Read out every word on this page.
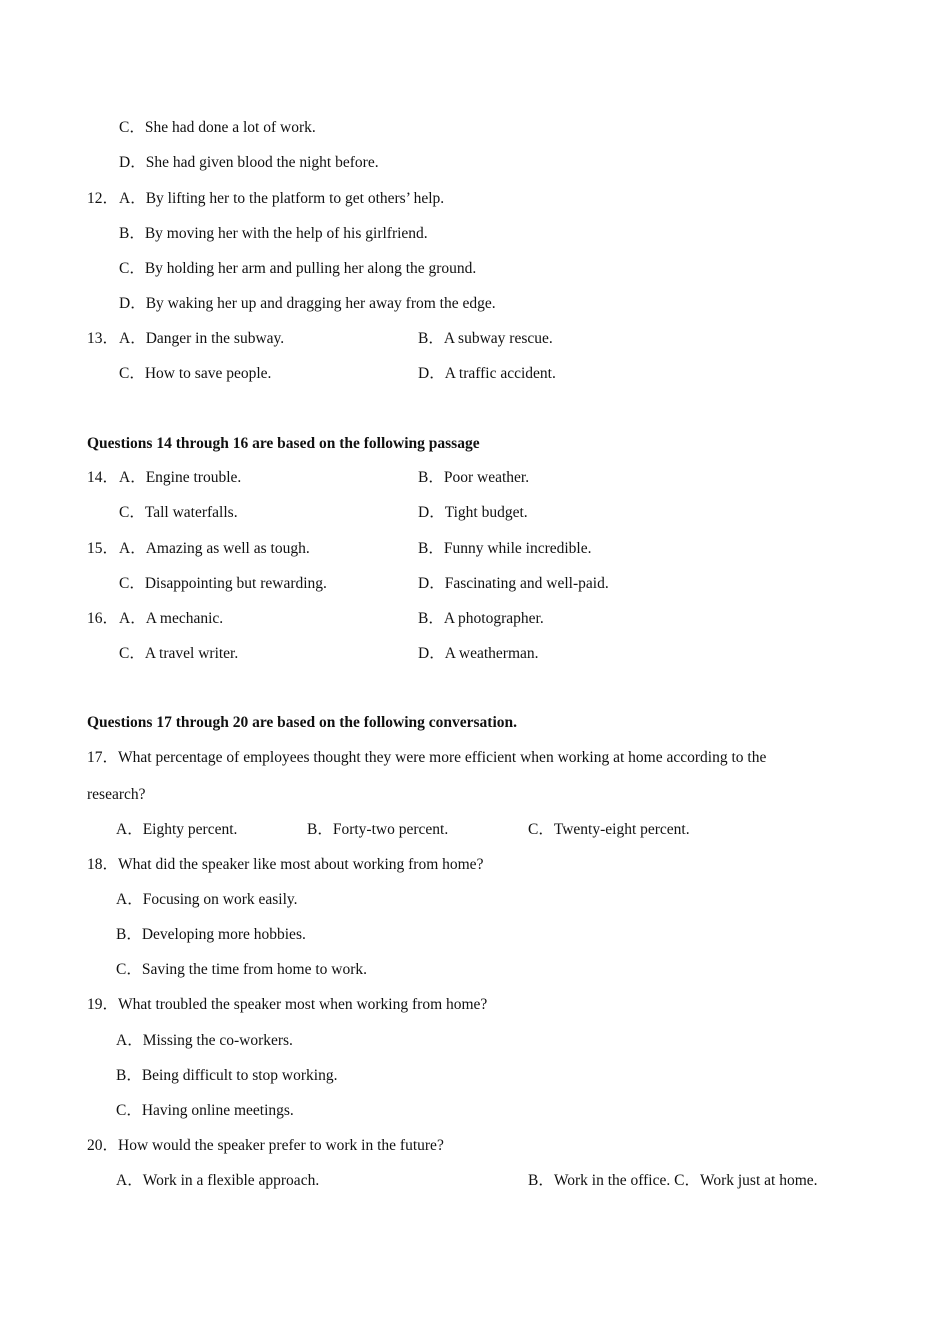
C．She had done a lot of work.
D．She had given blood the night before.
12． A．By lifting her to the platform to get others’ help.
B．By moving her with the help of his girlfriend.
C．By holding her arm and pulling her along the ground.
D．By waking her up and dragging her away from the edge.
13． A．Danger in the subway.	B．A subway rescue.
C．How to save people.	D．A traffic accident.
Questions 14 through 16 are based on the following passage
14． A．Engine trouble.	B．Poor weather.
C．Tall waterfalls.	D．Tight budget.
15． A．Amazing as well as tough.	B．Funny while incredible.
C．Disappointing but rewarding.	D．Fascinating and well-paid.
16． A．A mechanic.	B．A photographer.
C．A travel writer.	D．A weatherman.
Questions 17 through 20 are based on the following conversation.
17．What percentage of employees thought they were more efficient when working at home according to the
research?
A．Eighty percent.	B．Forty-two percent.	C．Twenty-eight percent.
18．What did the speaker like most about working from home?
A．Focusing on work easily.
B．Developing more hobbies.
C．Saving the time from home to work.
19．What troubled the speaker most when working from home?
A．Missing the co-workers.
B．Being difficult to stop working.
C．Having online meetings.
20．How would the speaker prefer to work in the future?
A．Work in a flexible approach.	B．Work in the office. C．Work just at home.
